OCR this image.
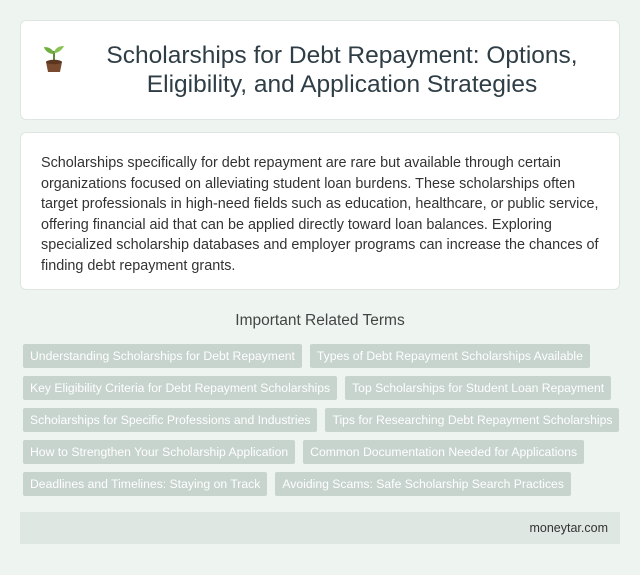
Scholarships for Debt Repayment: Options, Eligibility, and Application Strategies

Scholarships specifically for debt repayment are rare but available through certain organizations focused on alleviating student loan burdens. These scholarships often target professionals in high-need fields such as education, healthcare, or public service, offering financial aid that can be applied directly toward loan balances. Exploring specialized scholarship databases and employer programs can increase the chances of finding debt repayment grants.

Important Related Terms
Understanding Scholarships for Debt Repayment	Types of Debt Repayment Scholarships Available
Key Eligibility Criteria for Debt Repayment Scholarships	Top Scholarships for Student Loan Repayment
Scholarships for Specific Professions and Industries	Tips for Researching Debt Repayment Scholarships
How to Strengthen Your Scholarship Application	Common Documentation Needed for Applications
Deadlines and Timelines: Staying on Track	Avoiding Scams: Safe Scholarship Search Practices
moneytar.com
